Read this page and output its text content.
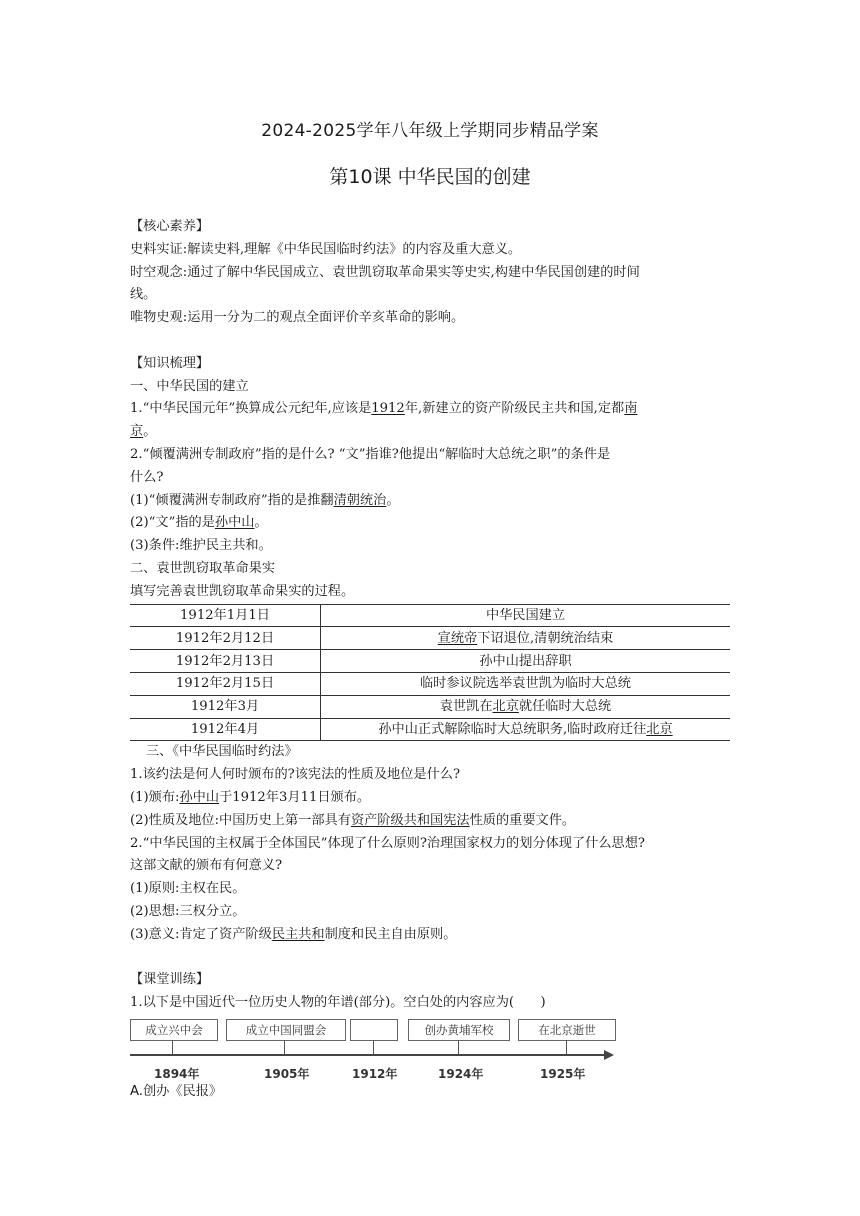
2024-2025学年八年级上学期同步精品学案
第10课 中华民国的创建
【核心素养】
史料实证:解读史料,理解《中华民国临时约法》的内容及重大意义。
时空观念:通过了解中华民国成立、袁世凯窃取革命果实等史实,构建中华民国创建的时间
线。
唯物史观:运用一分为二的观点全面评价辛亥革命的影响。
【知识梳理】
一、中华民国的建立
1.“中华民国元年”换算成公元纪年,应该是1912年,新建立的资产阶级民主共和国,定都南
京。
2.“倾覆满洲专制政府”指的是什么? “文”指谁?他提出“解临时大总统之职”的条件是
什么?
(1)“倾覆满洲专制政府”指的是推翻清朝统治。
(2)“文”指的是孙中山。
(3)条件:维护民主共和。
二、袁世凯窃取革命果实
填写完善袁世凯窃取革命果实的过程。
1912年1月1日	中华民国建立
1912年2月12日	宣统帝下诏退位,清朝统治结束
1912年2月13日	孙中山提出辞职
1912年2月15日	临时参议院选举袁世凯为临时大总统
1912年3月	袁世凯在北京就任临时大总统
1912年4月	孙中山正式解除临时大总统职务,临时政府迁往北京
三、《中华民国临时约法》
1.该约法是何人何时颁布的?该宪法的性质及地位是什么?
(1)颁布:孙中山于1912年3月11日颁布。
(2)性质及地位:中国历史上第一部具有资产阶级共和国宪法性质的重要文件。
2.“中华民国的主权属于全体国民”体现了什么原则?治理国家权力的划分体现了什么思想?
这部文献的颁布有何意义?
(1)原则:主权在民。
(2)思想:三权分立。
(3)意义:肯定了资产阶级民主共和制度和民主自由原则。
【课堂训练】
1.以下是中国近代一位历史人物的年谱(部分)。空白处的内容应为(　　)
成立兴中会	成立中国同盟会	创办黄埔军校	在北京逝世
1894年	1905年	1912年	1924年	1925年
A.创办《民报》
